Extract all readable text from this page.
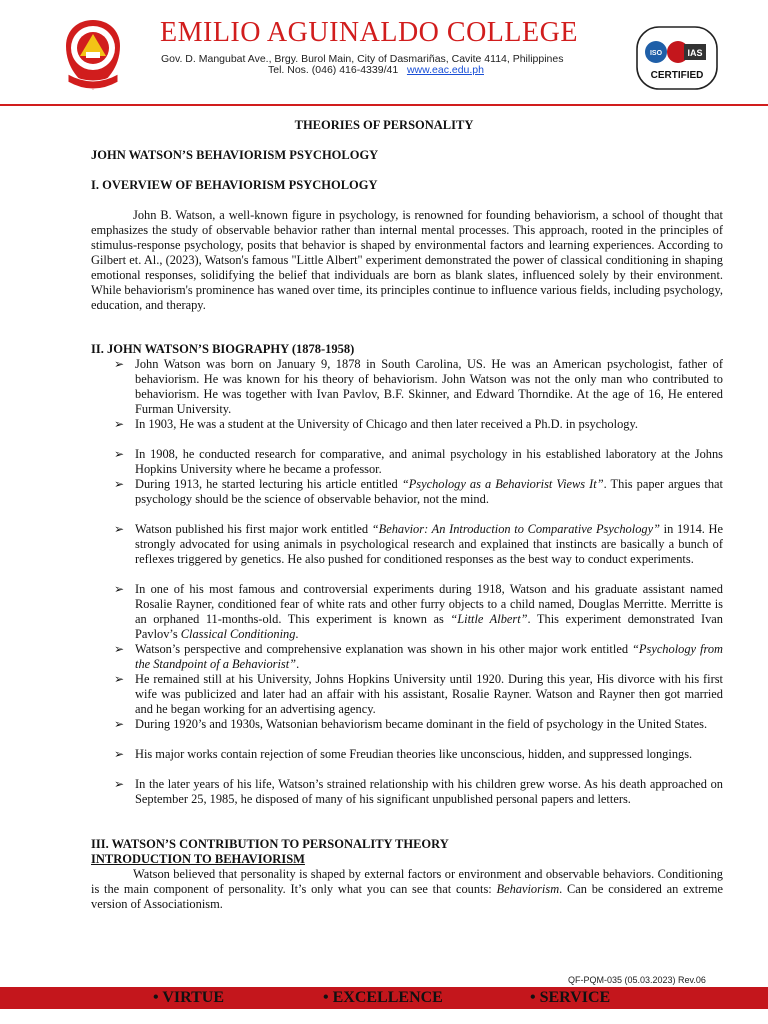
EMILIO AGUINALDO COLLEGE
Gov. D. Mangubat Ave., Brgy. Burol Main, City of Dasmariñas, Cavite 4114, Philippines
Tel. Nos. (046) 416-4339/41 www.eac.edu.ph
ISO	IAS
CERTIFIED
THEORIES OF PERSONALITY
JOHN WATSON’S BEHAVIORISM PSYCHOLOGY
I. OVERVIEW OF BEHAVIORISM PSYCHOLOGY

John B. Watson, a well-known figure in psychology, is renowned for founding behaviorism, a school of thought that emphasizes the study of observable behavior rather than internal mental processes. This approach, rooted in the principles of stimulus-response psychology, posits that behavior is shaped by environmental factors and learning experiences. According to Gilbert et. Al., (2023), Watson's famous "Little Albert" experiment demonstrated the power of classical conditioning in shaping emotional responses, solidifying the belief that individuals are born as blank slates, influenced solely by their environment. While behaviorism's prominence has waned over time, its principles continue to influence various fields, including psychology, education, and therapy.

II. JOHN WATSON’S BIOGRAPHY (1878-1958)

➢ John Watson was born on January 9, 1878 in South Carolina, US. He was an American psychologist, father of behaviorism. He was known for his theory of behaviorism. John Watson was not the only man who contributed to behaviorism. He was together with Ivan Pavlov, B.F. Skinner, and Edward Thorndike. At the age of 16, He entered Furman University.

➢ In 1903, He was a student at the University of Chicago and then later received a Ph.D. in psychology.

➢ In 1908, he conducted research for comparative, and animal psychology in his established laboratory at the Johns Hopkins University where he became a professor.

➢ During 1913, he started lecturing his article entitled “Psychology as a Behaviorist Views It”. This paper argues that psychology should be the science of observable behavior, not the mind.

➢ Watson published his first major work entitled “Behavior: An Introduction to Comparative Psychology” in 1914. He strongly advocated for using animals in psychological research and explained that instincts are basically a bunch of reflexes triggered by genetics. He also pushed for conditioned responses as the best way to conduct experiments.

➢ In one of his most famous and controversial experiments during 1918, Watson and his graduate assistant named Rosalie Rayner, conditioned fear of white rats and other furry objects to a child named, Douglas Merritte. Merritte is an orphaned 11-months-old. This experiment is known as “Little Albert”. This experiment demonstrated Ivan Pavlov’s Classical Conditioning.

➢ Watson’s perspective and comprehensive explanation was shown in his other major work entitled “Psychology from the Standpoint of a Behaviorist”.

➢ He remained still at his University, Johns Hopkins University until 1920. During this year, His divorce with his first wife was publicized and later had an affair with his assistant, Rosalie Rayner. Watson and Rayner then got married and he began working for an advertising agency.

➢ During 1920’s and 1930s, Watsonian behaviorism became dominant in the field of psychology in the United States.

➢ His major works contain rejection of some Freudian theories like unconscious, hidden, and suppressed longings.

➢ In the later years of his life, Watson’s strained relationship with his children grew worse. As his death approached on September 25, 1985, he disposed of many of his significant unpublished personal papers and letters.

III. WATSON’S CONTRIBUTION TO PERSONALITY THEORY
INTRODUCTION TO BEHAVIORISM

Watson believed that personality is shaped by external factors or environment and observable behaviors. Conditioning is the main component of personality. It’s only what you can see that counts: Behaviorism. Can be considered an extreme version of Associationism.

QF-PQM-035 (05.03.2023) Rev.06
• VIRTUE	• EXCELLENCE	• SERVICE
